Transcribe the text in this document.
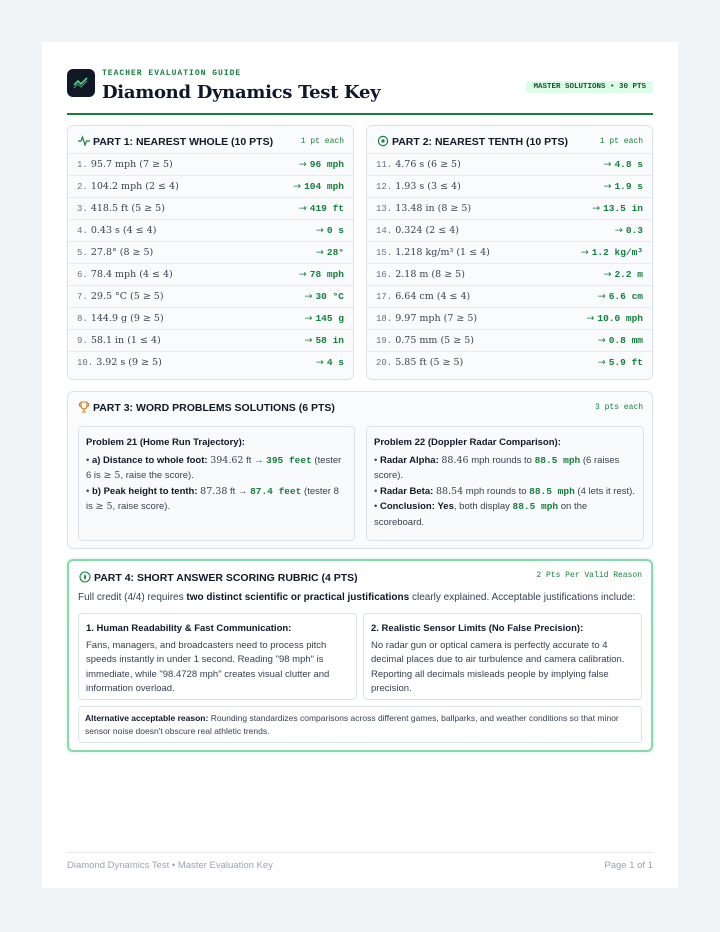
TEACHER EVALUATION GUIDE
Diamond Dynamics Test Key	MASTER SOLUTIONS • 30 PTS
PART 1: NEAREST WHOLE (10 PTS)	1 pt each
1. 95.7 mph (7 ≥ 5)	→ 96 mph
2. 104.2 mph (2 ≤ 4)	→ 104 mph
3. 418.5 ft (5 ≥ 5)	→ 419 ft
4. 0.43 s (4 ≤ 4)	→ 0 s
5. 27.8° (8 ≥ 5)	→ 28°
6. 78.4 mph (4 ≤ 4)	→ 78 mph
7. 29.5 °C (5 ≥ 5)	→ 30 °C
8. 144.9 g (9 ≥ 5)	→ 145 g
9. 58.1 in (1 ≤ 4)	→ 58 in
10. 3.92 s (9 ≥ 5)	→ 4 s
PART 2: NEAREST TENTH (10 PTS)	1 pt each
11. 4.76 s (6 ≥ 5)	→ 4.8 s
12. 1.93 s (3 ≤ 4)	→ 1.9 s
13. 13.48 in (8 ≥ 5)	→ 13.5 in
14. 0.324 (2 ≤ 4)	→ 0.3
15. 1.218 kg/m³ (1 ≤ 4)	→ 1.2 kg/m³
16. 2.18 m (8 ≥ 5)	→ 2.2 m
17. 6.64 cm (4 ≤ 4)	→ 6.6 cm
18. 9.97 mph (7 ≥ 5)	→ 10.0 mph
19. 0.75 mm (5 ≥ 5)	→ 0.8 mm
20. 5.85 ft (5 ≥ 5)	→ 5.9 ft
PART 3: WORD PROBLEMS SOLUTIONS (6 PTS)	3 pts each
Problem 21 (Home Run Trajectory):
• a) Distance to whole foot: 394.62 ft → 395 feet (tester 6 is ≥ 5, raise the score).
• b) Peak height to tenth: 87.38 ft → 87.4 feet (tester 8 is ≥ 5, raise score).
Problem 22 (Doppler Radar Comparison):
• Radar Alpha: 88.46 mph rounds to 88.5 mph (6 raises score).
• Radar Beta: 88.54 mph rounds to 88.5 mph (4 lets it rest).
• Conclusion: Yes, both display 88.5 mph on the scoreboard.
PART 4: SHORT ANSWER SCORING RUBRIC (4 PTS)	2 Pts Per Valid Reason
Full credit (4/4) requires two distinct scientific or practical justifications clearly explained. Acceptable justifications include:
1. Human Readability & Fast Communication:
Fans, managers, and broadcasters need to process pitch speeds instantly in under 1 second. Reading "98 mph" is immediate, while "98.4728 mph" creates visual clutter and information overload.
2. Realistic Sensor Limits (No False Precision):
No radar gun or optical camera is perfectly accurate to 4 decimal places due to air turbulence and camera calibration. Reporting all decimals misleads people by implying false precision.
Alternative acceptable reason: Rounding standardizes comparisons across different games, ballparks, and weather conditions so that minor sensor noise doesn't obscure real athletic trends.
Diamond Dynamics Test • Master Evaluation Key	Page 1 of 1
